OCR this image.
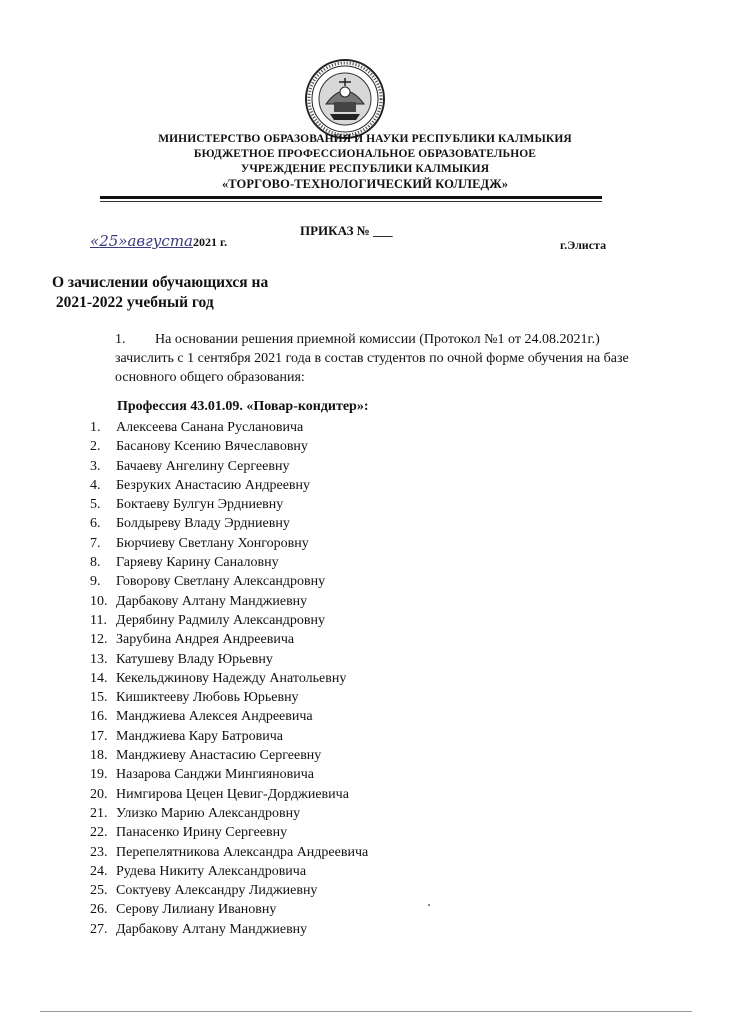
МИНИСТЕРСТВО ОБРАЗОВАНИЯ И НАУКИ РЕСПУБЛИКИ КАЛМЫКИЯ
БЮДЖЕТНОЕ ПРОФЕССИОНАЛЬНОЕ ОБРАЗОВАТЕЛЬНОЕ
УЧРЕЖДЕНИЕ РЕСПУБЛИКИ КАЛМЫКИЯ
«ТОРГОВО-ТЕХНОЛОГИЧЕСКИЙ КОЛЛЕДЖ»
ПРИКАЗ № ___
«25»августа2021 г.	г.Элиста
О зачислении обучающихся на
2021-2022 учебный год
1. На основании решения приемной комиссии (Протокол №1 от 24.08.2021г.)
зачислить с 1 сентября 2021 года в состав студентов по очной форме обучения на базе основного общего образования:
Профессия 43.01.09. «Повар-кондитер»:
1. Алексеева Санана Руслановича
2. Басанову Ксению Вячеславовну
3. Бачаеву Ангелину Сергеевну
4. Безруких Анастасию Андреевну
5. Боктаеву Булгун Эрдниевну
6. Болдыреву Владу Эрдниевну
7. Бюрчиеву Светлану Хонгоровну
8. Гаряеву Карину Саналовну
9. Говорову Светлану Александровну
10. Дарбакову Алтану Манджиевну
11. Дерябину Радмилу Александровну
12. Зарубина Андрея Андреевича
13. Катушеву Владу Юрьевну
14. Кекельджинову Надежду Анатольевну
15. Кишиктееву Любовь Юрьевну
16. Манджиева Алексея Андреевича
17. Манджиева Кару Батровича
18. Манджиеву Анастасию Сергеевну
19. Назарова Санджи Мингияновича
20. Нимгирова Цецен Цевиг-Дорджиевича
21. Улизко Марию Александровну
22. Панасенко Ирину Сергеевну
23. Перепелятникова Александра Андреевича
24. Рудева Никиту Александровича
25. Соктуеву Александру Лиджиевну
26. Серову Лилиану Ивановну
27. Дарбакову Алтану Манджиевну
